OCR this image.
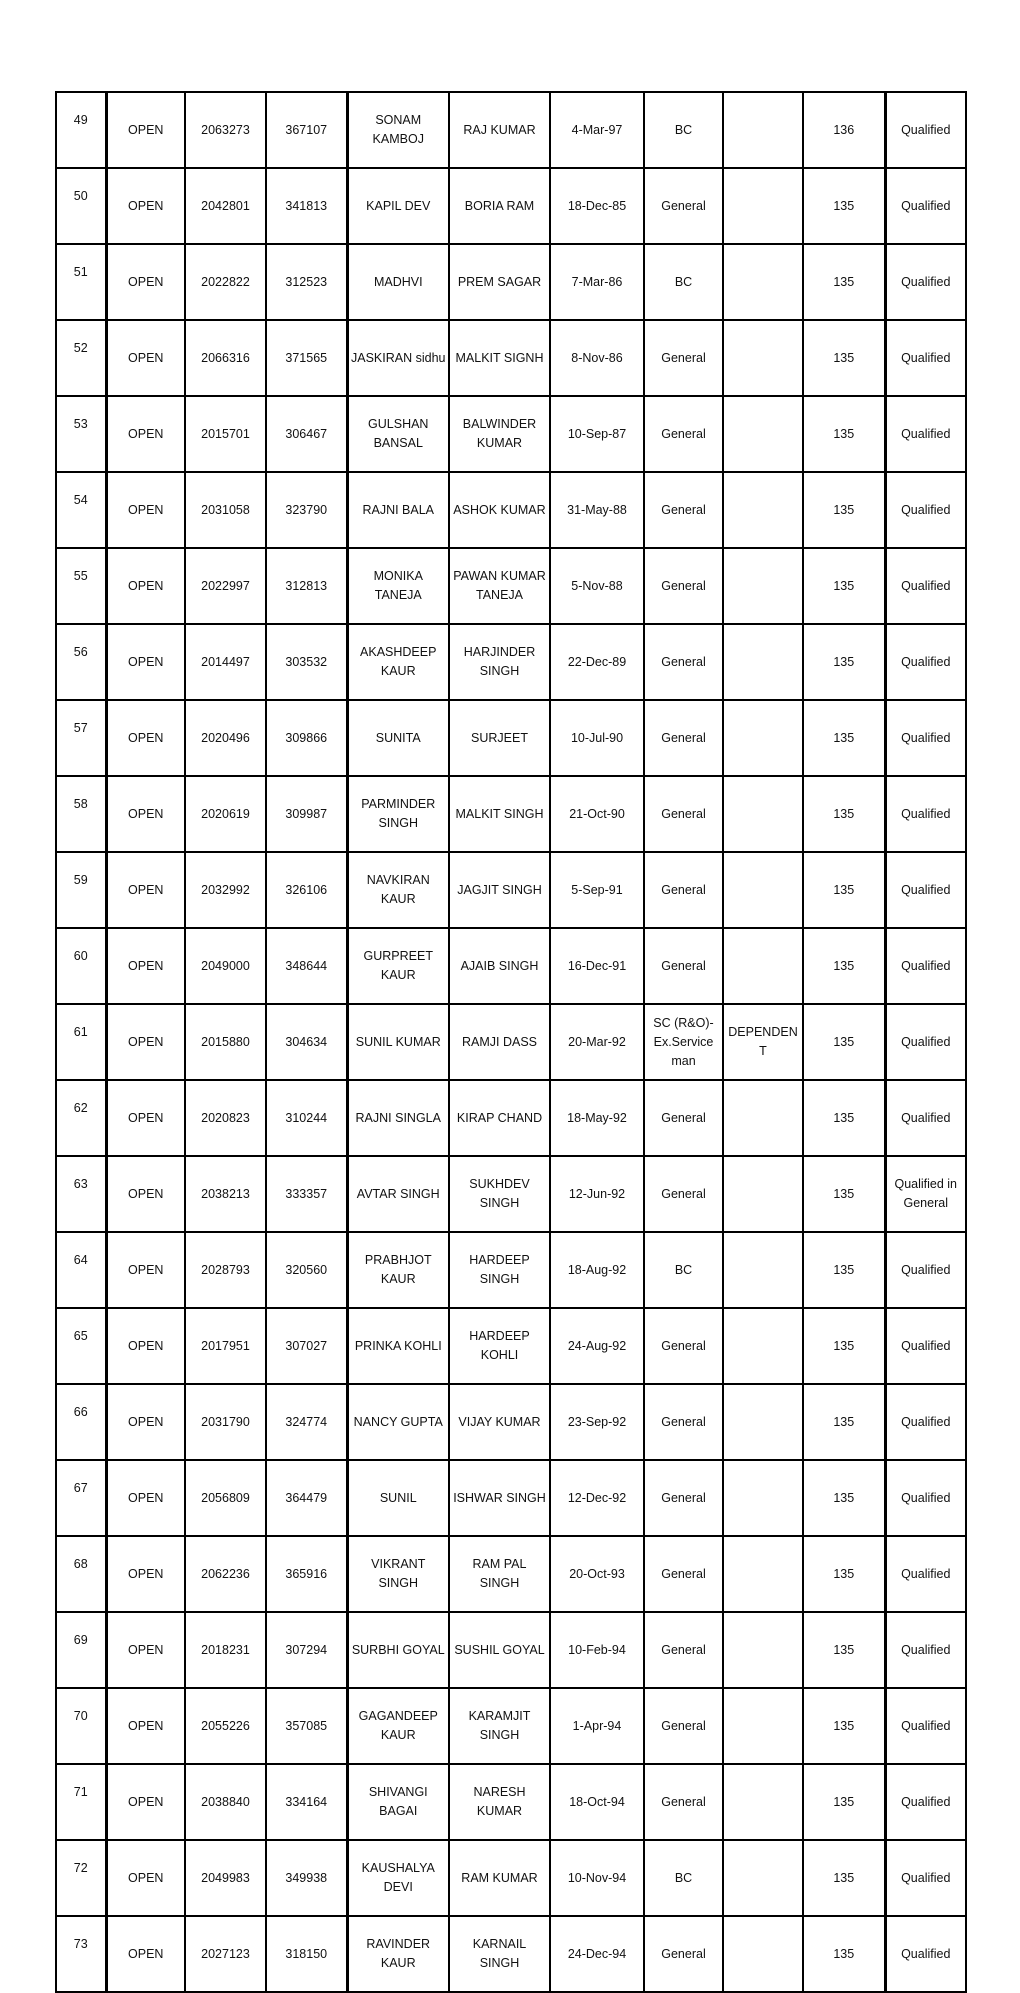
49	OPEN	2063273	367107	SONAM KAMBOJ	RAJ KUMAR	4-Mar-97	BC		136	Qualified
50	OPEN	2042801	341813	KAPIL DEV	BORIA RAM	18-Dec-85	General		135	Qualified
51	OPEN	2022822	312523	MADHVI	PREM SAGAR	7-Mar-86	BC		135	Qualified
52	OPEN	2066316	371565	JASKIRAN sidhu	MALKIT SIGNH	8-Nov-86	General		135	Qualified
53	OPEN	2015701	306467	GULSHAN BANSAL	BALWINDER KUMAR	10-Sep-87	General		135	Qualified
54	OPEN	2031058	323790	RAJNI BALA	ASHOK KUMAR	31-May-88	General		135	Qualified
55	OPEN	2022997	312813	MONIKA TANEJA	PAWAN KUMAR TANEJA	5-Nov-88	General		135	Qualified
56	OPEN	2014497	303532	AKASHDEEP KAUR	HARJINDER SINGH	22-Dec-89	General		135	Qualified
57	OPEN	2020496	309866	SUNITA	SURJEET	10-Jul-90	General		135	Qualified
58	OPEN	2020619	309987	PARMINDER SINGH	MALKIT SINGH	21-Oct-90	General		135	Qualified
59	OPEN	2032992	326106	NAVKIRAN KAUR	JAGJIT SINGH	5-Sep-91	General		135	Qualified
60	OPEN	2049000	348644	GURPREET KAUR	AJAIB SINGH	16-Dec-91	General		135	Qualified
61	OPEN	2015880	304634	SUNIL KUMAR	RAMJI DASS	20-Mar-92	SC (R&O)-Ex.Service man	DEPENDENT	135	Qualified
62	OPEN	2020823	310244	RAJNI SINGLA	KIRAP CHAND	18-May-92	General		135	Qualified
63	OPEN	2038213	333357	AVTAR SINGH	SUKHDEV SINGH	12-Jun-92	General		135	Qualified in General
64	OPEN	2028793	320560	PRABHJOT KAUR	HARDEEP SINGH	18-Aug-92	BC		135	Qualified
65	OPEN	2017951	307027	PRINKA KOHLI	HARDEEP KOHLI	24-Aug-92	General		135	Qualified
66	OPEN	2031790	324774	NANCY GUPTA	VIJAY KUMAR	23-Sep-92	General		135	Qualified
67	OPEN	2056809	364479	SUNIL	ISHWAR SINGH	12-Dec-92	General		135	Qualified
68	OPEN	2062236	365916	VIKRANT SINGH	RAM PAL SINGH	20-Oct-93	General		135	Qualified
69	OPEN	2018231	307294	SURBHI GOYAL	SUSHIL GOYAL	10-Feb-94	General		135	Qualified
70	OPEN	2055226	357085	GAGANDEEP KAUR	KARAMJIT SINGH	1-Apr-94	General		135	Qualified
71	OPEN	2038840	334164	SHIVANGI BAGAI	NARESH KUMAR	18-Oct-94	General		135	Qualified
72	OPEN	2049983	349938	KAUSHALYA DEVI	RAM KUMAR	10-Nov-94	BC		135	Qualified
73	OPEN	2027123	318150	RAVINDER KAUR	KARNAIL SINGH	24-Dec-94	General		135	Qualified
